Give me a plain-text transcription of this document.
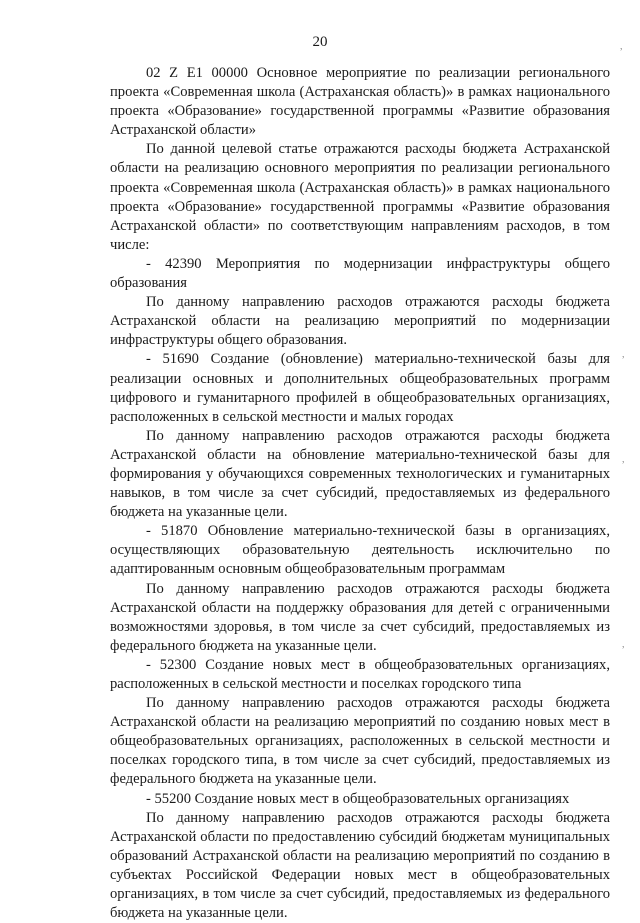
20

02 Z E1 00000 Основное мероприятие по реализации регионального проекта «Современная школа (Астраханская область)» в рамках национального проекта «Образование» государственной программы «Развитие образования Астраханской области»

По данной целевой статье отражаются расходы бюджета Астраханской области на реализацию основного мероприятия по реализации регионального проекта «Современная школа (Астраханская область)» в рамках национального проекта «Образование» государственной программы «Развитие образования Астраханской области» по соответствующим направлениям расходов, в том числе:

- 42390 Мероприятия по модернизации инфраструктуры общего образования

По данному направлению расходов отражаются расходы бюджета Астраханской области на реализацию мероприятий по модернизации инфраструктуры общего образования.

- 51690 Создание (обновление) материально-технической базы для реализации основных и дополнительных общеобразовательных программ цифрового и гуманитарного профилей в общеобразовательных организациях, расположенных в сельской местности и малых городах

По данному направлению расходов отражаются расходы бюджета Астраханской области на обновление материально-технической базы для формирования у обучающихся современных технологических и гуманитарных навыков, в том числе за счет субсидий, предоставляемых из федерального бюджета на указанные цели.

- 51870 Обновление материально-технической базы в организациях, осуществляющих образовательную деятельность исключительно по адаптированным основным общеобразовательным программам

По данному направлению расходов отражаются расходы бюджета Астраханской области на поддержку образования для детей с ограниченными возможностями здоровья, в том числе за счет субсидий, предоставляемых из федерального бюджета на указанные цели.

- 52300 Создание новых мест в общеобразовательных организациях, расположенных в сельской местности и поселках городского типа

По данному направлению расходов отражаются расходы бюджета Астраханской области на реализацию мероприятий по созданию новых мест в общеобразовательных организациях, расположенных в сельской местности и поселках городского типа, в том числе за счет субсидий, предоставляемых из федерального бюджета на указанные цели.

- 55200 Создание новых мест в общеобразовательных организациях

По данному направлению расходов отражаются расходы бюджета Астраханской области по предоставлению субсидий бюджетам муниципальных образований Астраханской области на реализацию мероприятий по созданию в субъектах Российской Федерации новых мест в общеобразовательных организациях, в том числе за счет субсидий, предоставляемых из федерального бюджета на указанные цели.

,
,
,
,
